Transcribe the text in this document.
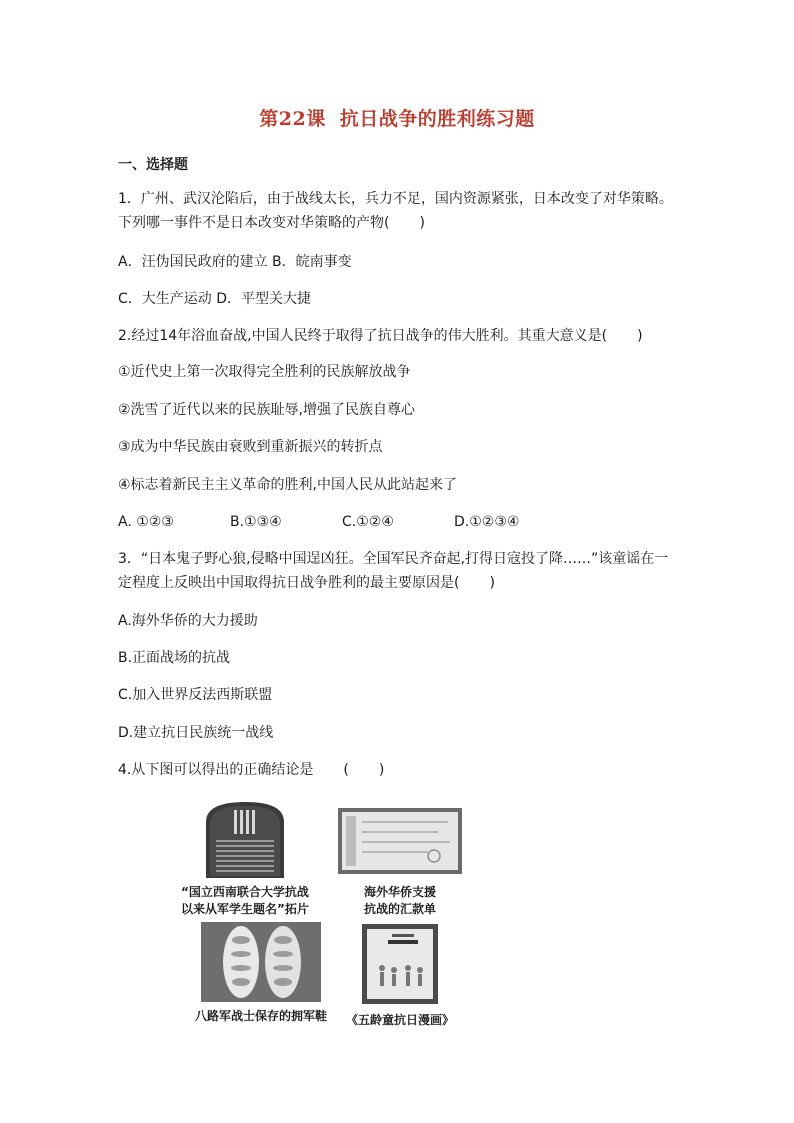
第22课 抗日战争的胜利练习题
一、选择题
1．广州、武汉沦陷后，由于战线太长，兵力不足，国内资源紧张，日本改变了对华策略。
下列哪一事件不是日本改变对华策略的产物( )
A．汪伪国民政府的建立 B．皖南事变
C．大生产运动 D．平型关大捷
2.经过14年浴血奋战,中国人民终于取得了抗日战争的伟大胜利。其重大意义是( )
①近代史上第一次取得完全胜利的民族解放战争
②洗雪了近代以来的民族耻辱,增强了民族自尊心
③成为中华民族由衰败到重新振兴的转折点
④标志着新民主主义革命的胜利,中国人民从此站起来了
A. ①②③	B.①③④	C.①②④	D.①②③④
3．“日本鬼子野心狼,侵略中国逞凶狂。全国军民齐奋起,打得日寇投了降……”该童谣在一
定程度上反映出中国取得抗日战争胜利的最主要原因是( )
A.海外华侨的大力援助
B.正面战场的抗战
C.加入世界反法西斯联盟
D.建立抗日民族统一战线
4.从下图可以得出的正确结论是 ( )
“国立西南联合大学抗战
以来从军学生题名”拓片
海外华侨支援
抗战的汇款单
八路军战士保存的拥军鞋 《五龄童抗日漫画》
